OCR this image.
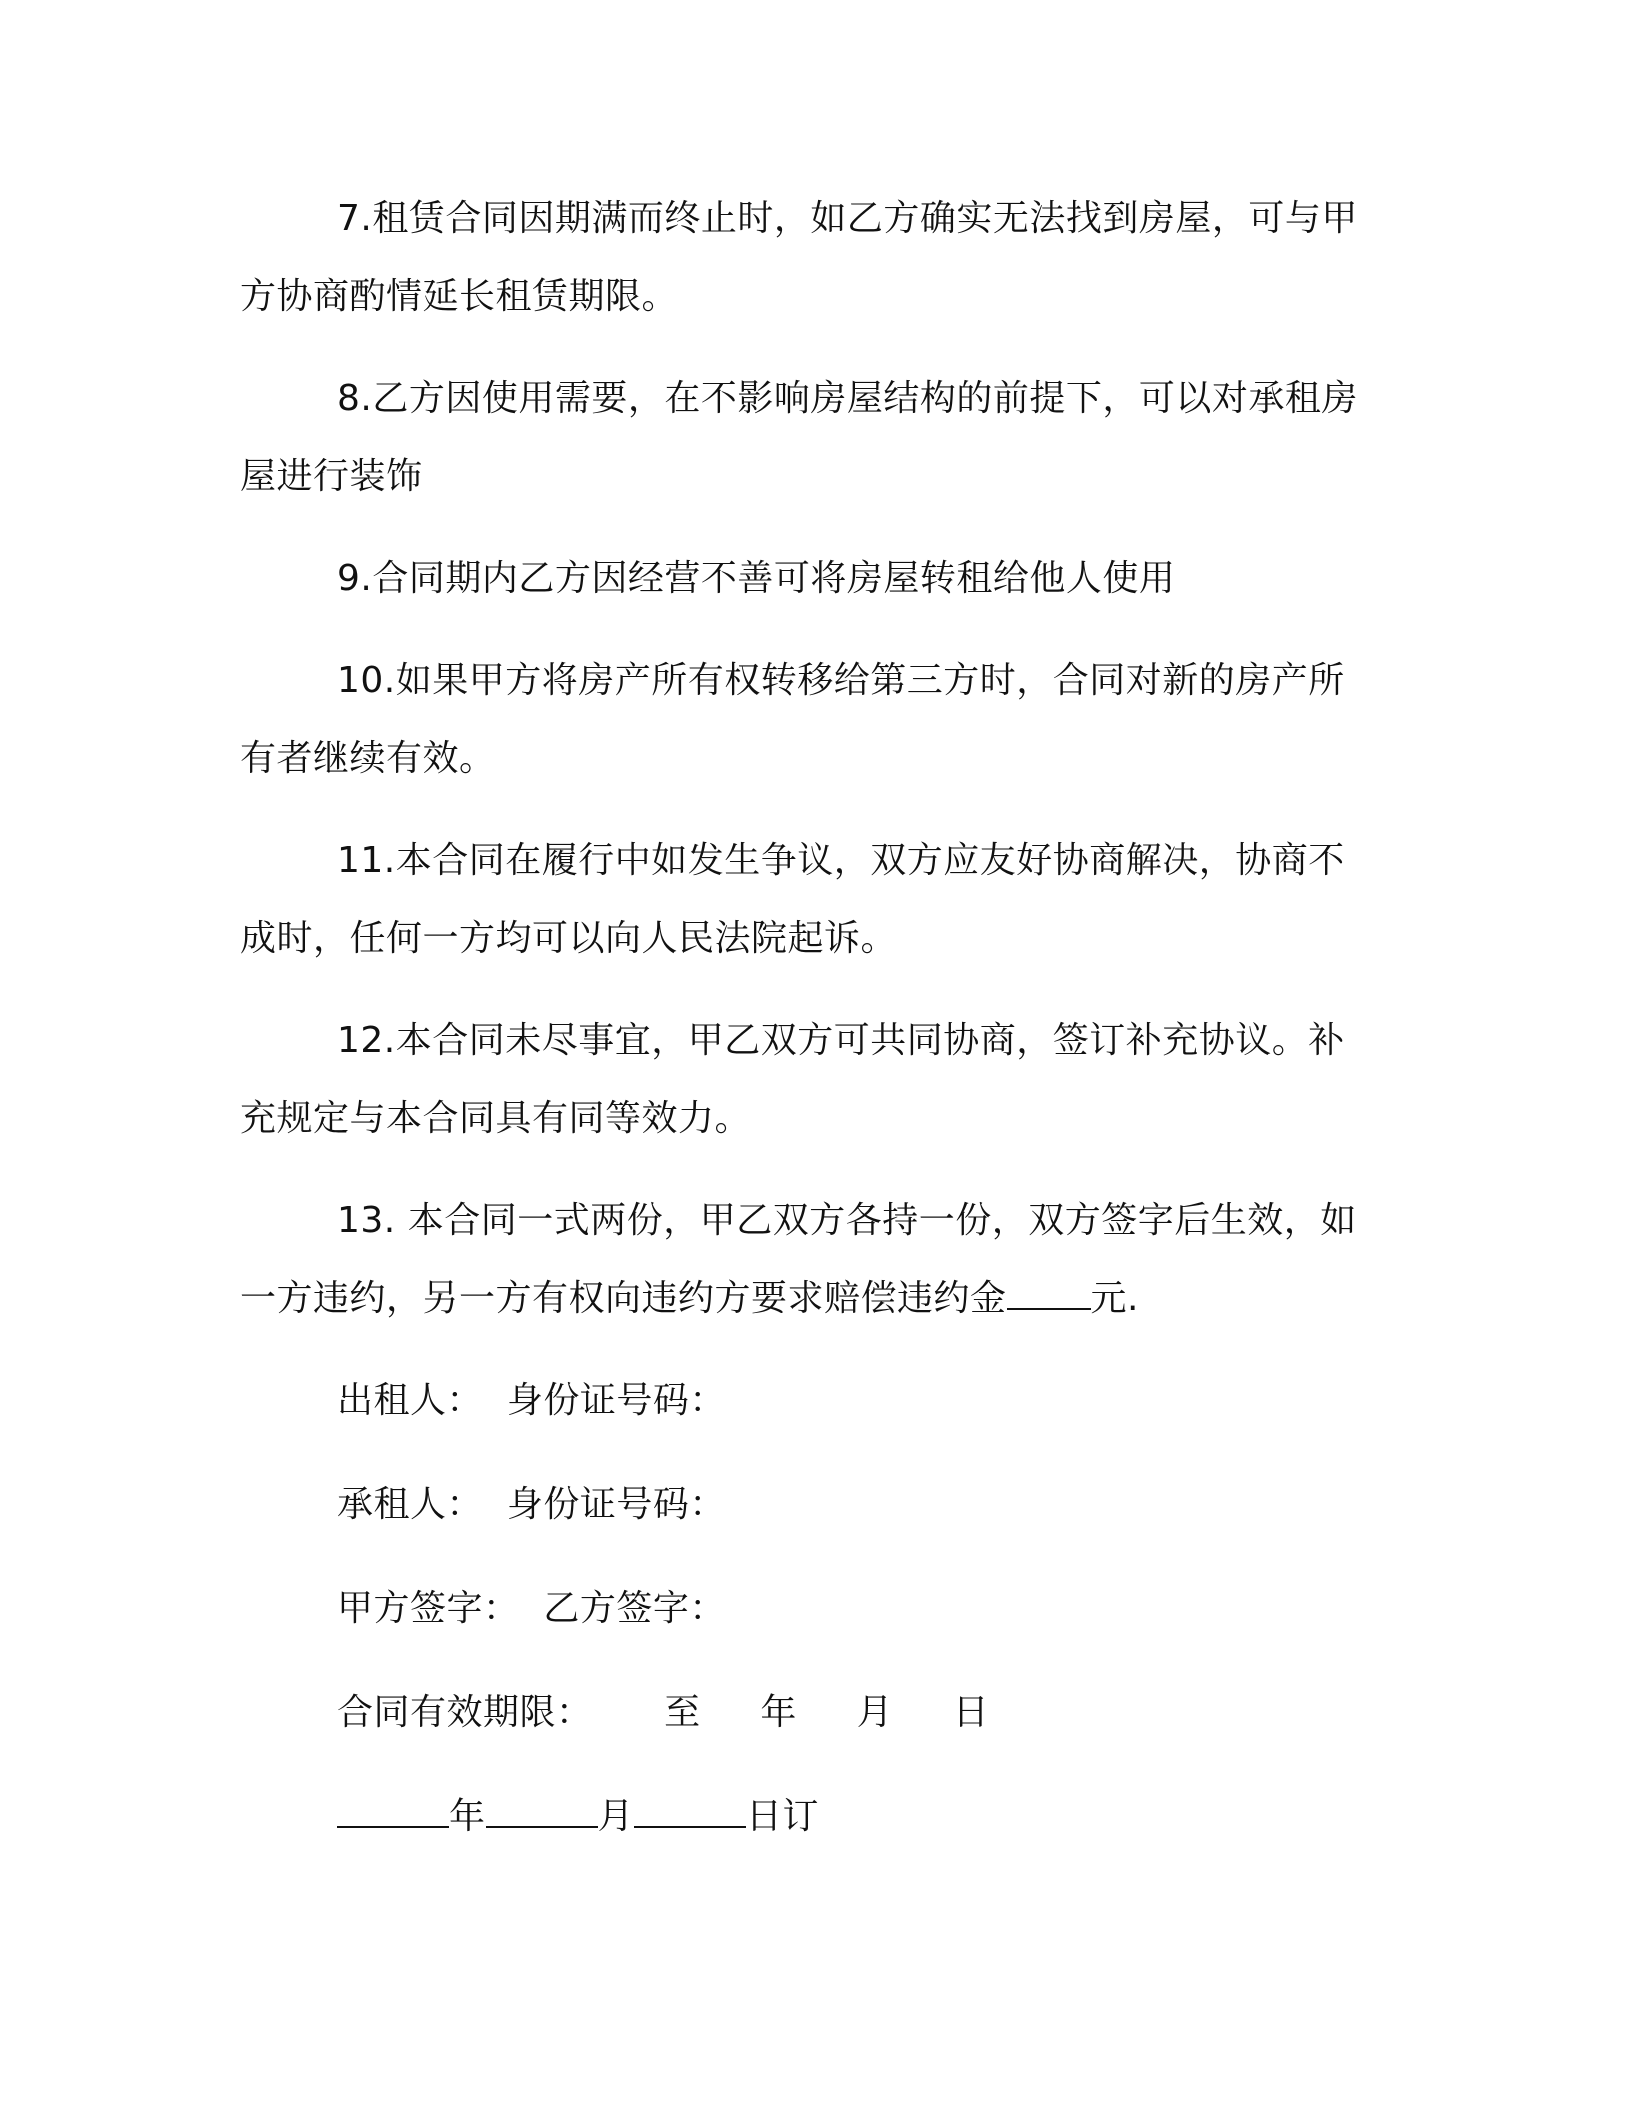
7.租赁合同因期满而终止时，如乙方确实无法找到房屋，可与甲方协商酌情延长租赁期限。

8.乙方因使用需要，在不影响房屋结构的前提下，可以对承租房屋进行装饰

9.合同期内乙方因经营不善可将房屋转租给他人使用

10.如果甲方将房产所有权转移给第三方时，合同对新的房产所有者继续有效。

11.本合同在履行中如发生争议，双方应友好协商解决，协商不成时，任何一方均可以向人民法院起诉。

12.本合同未尽事宜，甲乙双方可共同协商，签订补充协议。补充规定与本合同具有同等效力。

13. 本合同一式两份，甲乙双方各持一份，双方签字后生效，如一方违约，另一方有权向违约方要求赔偿违约金 元.

出租人：  身份证号码：
承租人：  身份证号码：
甲方签字：  乙方签字：
合同有效期限：      至     年     月     日
年	月	日订
